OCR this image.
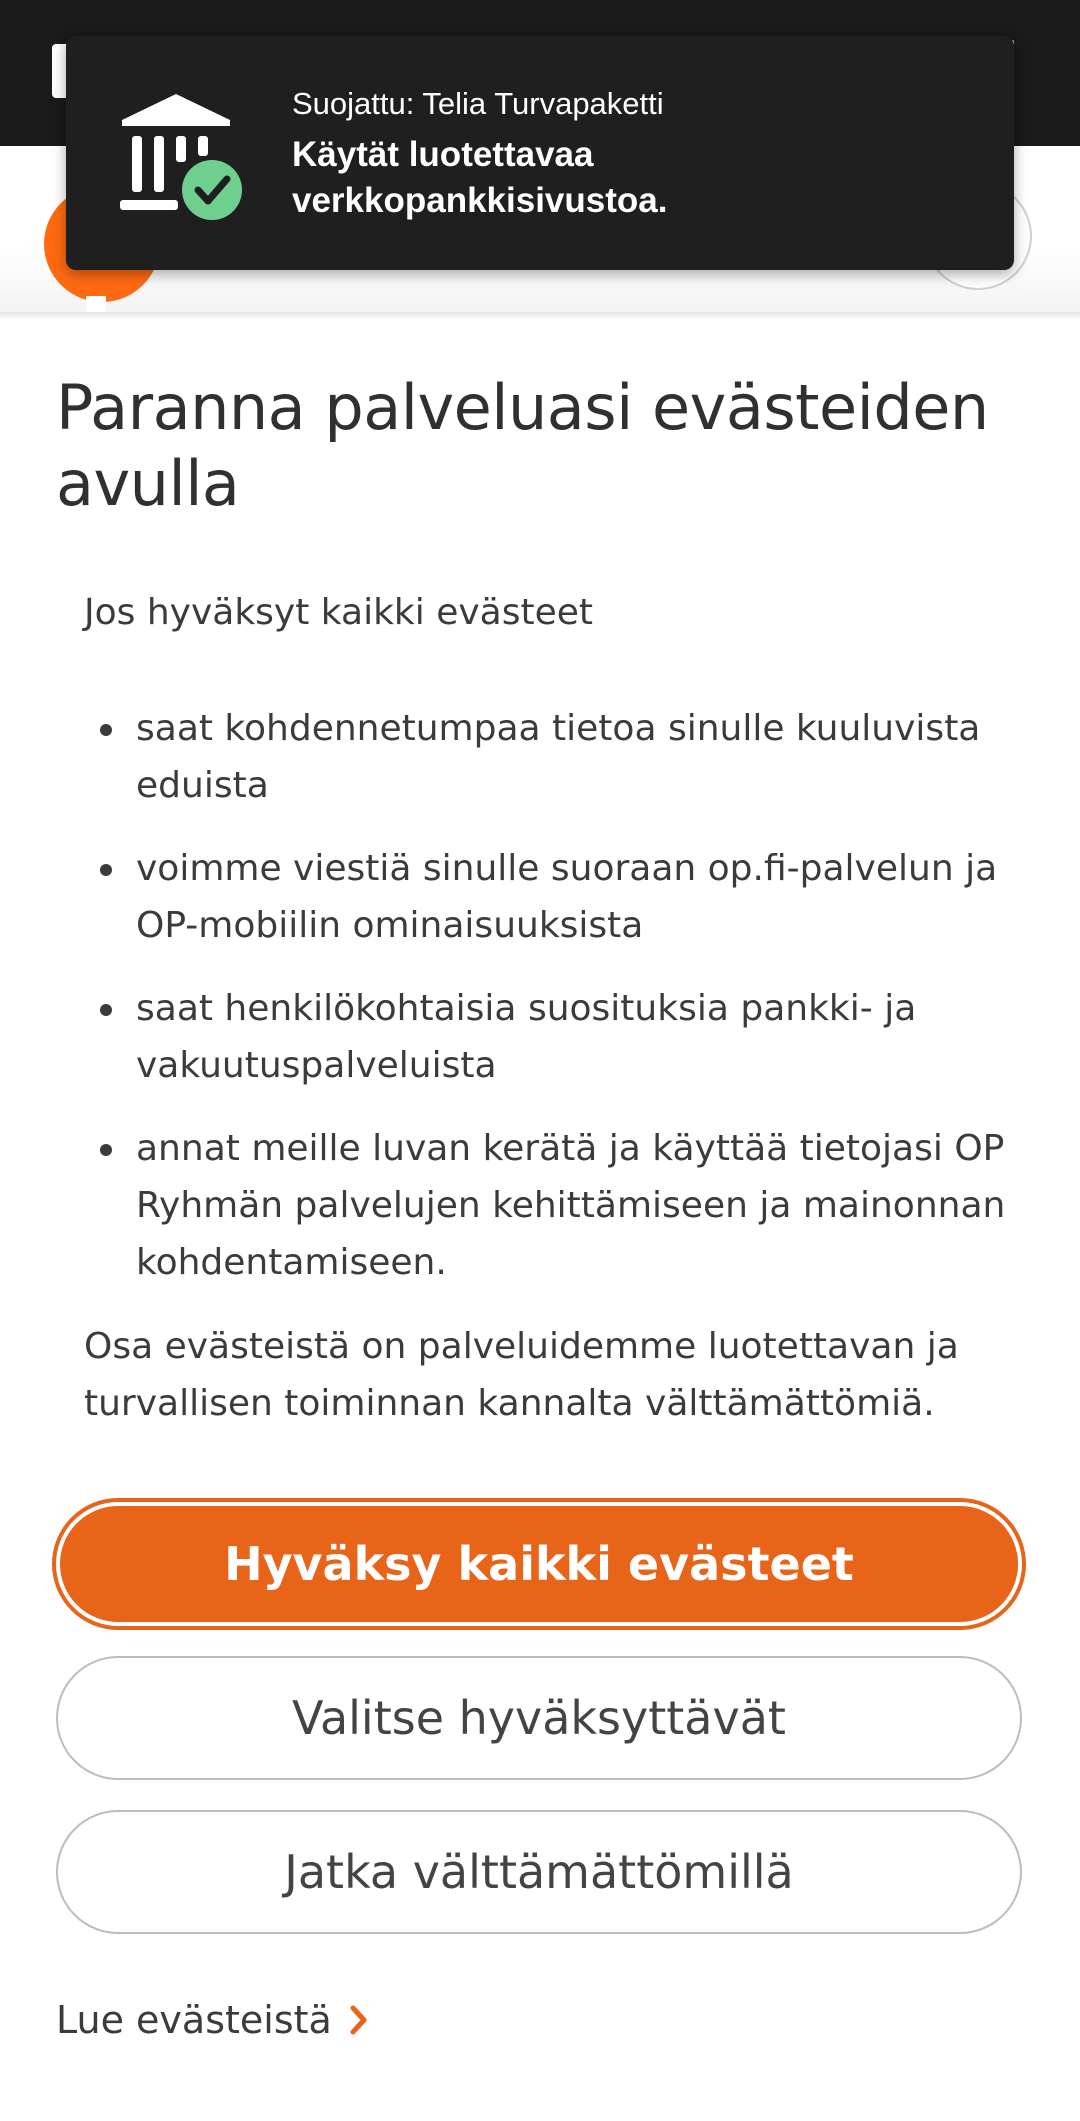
Suojattu: Telia Turvapaketti
Käytät luotettavaa verkkopankkisivustoa.
Paranna palveluasi evästeiden avulla

Jos hyväksyt kaikki evästeet

saat kohdennetumpaa tietoa sinulle kuuluvista eduista
voimme viestiä sinulle suoraan op.fi-palvelun ja OP-mobiilin ominaisuuksista
saat henkilökohtaisia suosituksia pankki- ja vakuutuspalveluista
annat meille luvan kerätä ja käyttää tietojasi OP Ryhmän palvelujen kehittämiseen ja mainonnan kohdentamiseen.

Osa evästeistä on palveluidemme luotettavan ja turvallisen toiminnan kannalta välttämättömiä.

Hyväksy kaikki evästeet
Valitse hyväksyttävät
Jatka välttämättömillä
Lue evästeistä
